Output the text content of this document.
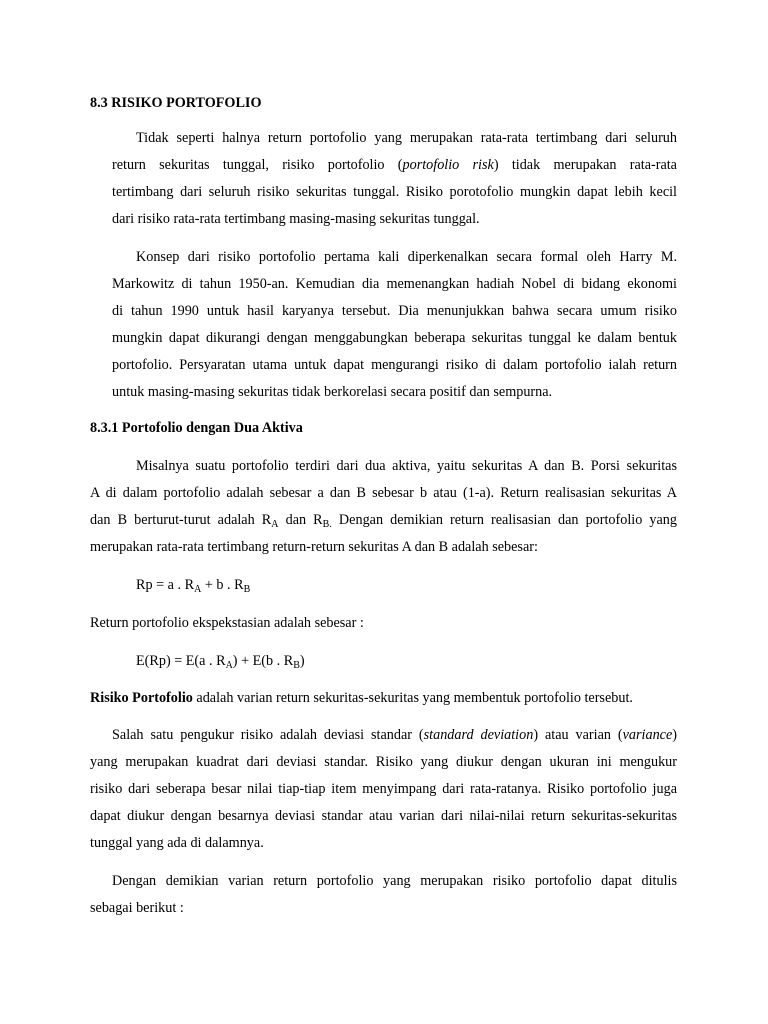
8.3 RISIKO PORTOFOLIO
Tidak seperti halnya return portofolio yang merupakan rata-rata tertimbang dari seluruh
return sekuritas tunggal, risiko portofolio (portofolio risk) tidak merupakan rata-rata
tertimbang dari seluruh risiko sekuritas tunggal. Risiko porotofolio mungkin dapat lebih kecil
dari risiko rata-rata tertimbang masing-masing sekuritas tunggal.
Konsep dari risiko portofolio pertama kali diperkenalkan secara formal oleh Harry M.
Markowitz di tahun 1950-an. Kemudian dia memenangkan hadiah Nobel di bidang ekonomi
di tahun 1990 untuk hasil karyanya tersebut. Dia menunjukkan bahwa secara umum risiko
mungkin dapat dikurangi dengan menggabungkan beberapa sekuritas tunggal ke dalam bentuk
portofolio. Persyaratan utama untuk dapat mengurangi risiko di dalam portofolio ialah return
untuk masing-masing sekuritas tidak berkorelasi secara positif dan sempurna.
8.3.1 Portofolio dengan Dua Aktiva
Misalnya suatu portofolio terdiri dari dua aktiva, yaitu sekuritas A dan B. Porsi sekuritas
A di dalam portofolio adalah sebesar a dan B sebesar b atau (1-a). Return realisasian sekuritas A
dan B berturut-turut adalah $R_A$ dan $R_{B.}$ Dengan demikian return realisasian dan portofolio yang
merupakan rata-rata tertimbang return-return sekuritas A dan B adalah sebesar:
Rp = a . $R_A + b$ . $R_B$
Return portofolio ekspekstasian adalah sebesar :
E(Rp) = E(a . $R_A) + E(b$ . $R_B$)
Risiko Portofolio adalah varian return sekuritas-sekuritas yang membentuk portofolio tersebut.
Salah satu pengukur risiko adalah deviasi standar (standard deviation) atau varian (variance)
yang merupakan kuadrat dari deviasi standar. Risiko yang diukur dengan ukuran ini mengukur
risiko dari seberapa besar nilai tiap-tiap item menyimpang dari rata-ratanya. Risiko portofolio juga
dapat diukur dengan besarnya deviasi standar atau varian dari nilai-nilai return sekuritas-sekuritas
tunggal yang ada di dalamnya.
Dengan demikian varian return portofolio yang merupakan risiko portofolio dapat ditulis
sebagai berikut :
